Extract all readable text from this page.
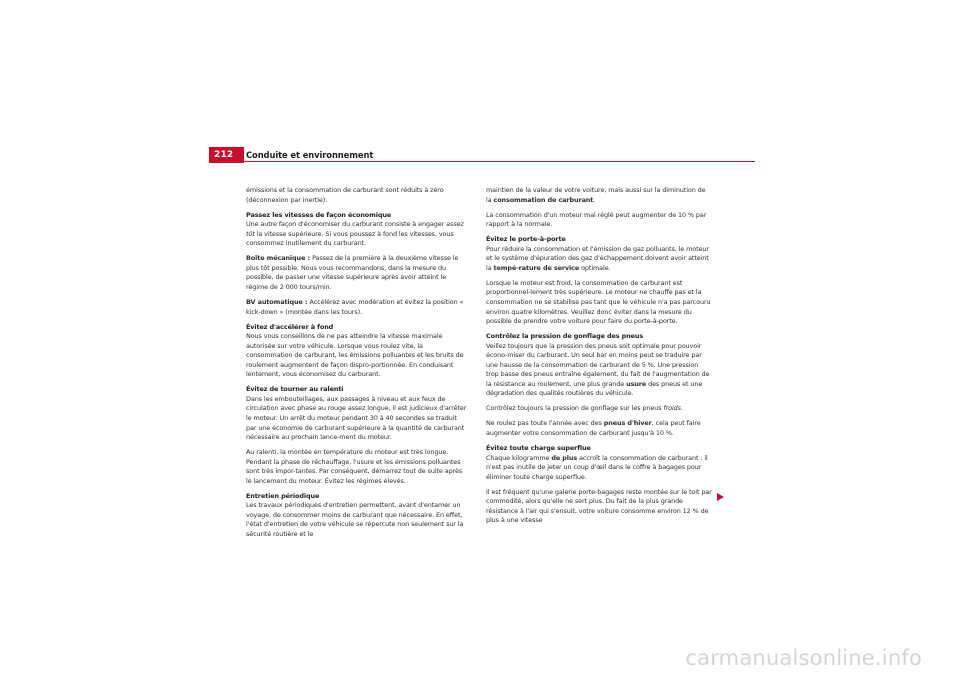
212	Conduite et environnement

émissions et la consommation de carburant sont réduits à zéro (déconnexion par inertie).

Passez les vitesses de façon économique

Une autre façon d'économiser du carburant consiste à engager assez tôt la vitesse supérieure. Si vous poussez à fond les vitesses, vous consommez inutilement du carburant.

Boîte mécanique : Passez de la première à la deuxième vitesse le plus tôt possible. Nous vous recommandons, dans la mesure du possible, de passer une vitesse supérieure après avoir atteint le régime de 2 000 tours/min.

BV automatique : Accélérez avec modération et évitez la position « kick-down » (montée dans les tours).

Évitez d'accélérer à fond

Nous vous conseillons de ne pas atteindre la vitesse maximale autorisée sur votre véhicule. Lorsque vous roulez vite, la consommation de carburant, les émissions polluantes et les bruits de roulement augmentent de façon dispro-portionnée. En conduisant lentement, vous économisez du carburant.

Évitez de tourner au ralenti

Dans les embouteillages, aux passages à niveau et aux feux de circulation avec phase au rouge assez longue, il est judicieux d'arrêter le moteur. Un arrêt du moteur pendant 30 à 40 secondes se traduit par une économie de carburant supérieure à la quantité de carburant nécessaire au prochain lance-ment du moteur.

Au ralenti, la montée en température du moteur est très longue. Pendant la phase de réchauffage, l'usure et les émissions polluantes sont très impor-tantes. Par conséquent, démarrez tout de suite après le lancement du moteur. Évitez les régimes élevés.

Entretien périodique

Les travaux périodiques d'entretien permettent, avant d'entamer un voyage, de consommer moins de carburant que nécessaire. En effet, l'état d'entretien de votre véhicule se répercute non seulement sur la sécurité routière et le

maintien de la valeur de votre voiture, mais aussi sur la diminution de la consommation de carburant.

La consommation d'un moteur mal réglé peut augmenter de 10 % par rapport à la normale.

Évitez le porte-à-porte

Pour réduire la consommation et l'émission de gaz polluants, le moteur et le système d'épuration des gaz d'échappement doivent avoir atteint la tempé-rature de service optimale.

Lorsque le moteur est froid, la consommation de carburant est proportionnel-lement très supérieure. Le moteur ne chauffe pas et la consommation ne se stabilise pas tant que le véhicule n'a pas parcouru environ quatre kilomètres. Veuillez donc éviter dans la mesure du possible de prendre votre voiture pour faire du porte-à-porte.

Contrôlez la pression de gonflage des pneus

Veillez toujours que la pression des pneus soit optimale pour pouvoir écono-miser du carburant. Un seul bar en moins peut se traduire par une hausse de la consommation de carburant de 5 %. Une pression trop basse des pneus entraîne également, du fait de l'augmentation de la résistance au roulement, une plus grande usure des pneus et une dégradation des qualités routières du véhicule.

Contrôlez toujours la pression de gonflage sur les pneus froids.

Ne roulez pas toute l'année avec des pneus d'hiver, cela peut faire augmenter votre consommation de carburant jusqu'à 10 %.

Évitez toute charge superflue

Chaque kilogramme de plus accroît la consommation de carburant : il n'est pas inutile de jeter un coup d'œil dans le coffre à bagages pour éliminer toute charge superflue.

Il est fréquent qu'une galerie porte-bagages reste montée sur le toit par commodité, alors qu'elle ne sert plus. Du fait de la plus grande résistance à l'air qui s'ensuit, votre voiture consomme environ 12 % de plus à une vitesse

carmanualsonline.info
